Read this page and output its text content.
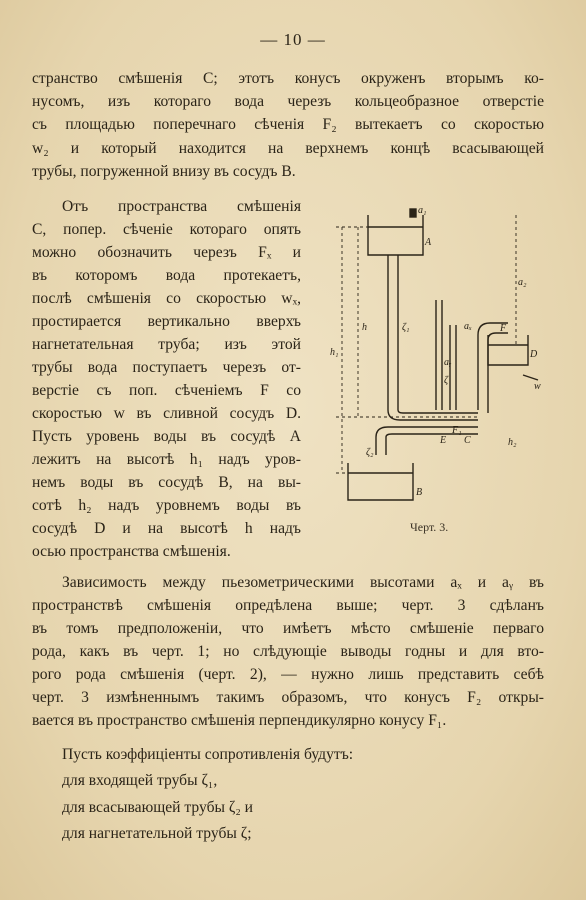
— 10 —
странство смѣшенія C; этотъ конусъ окруженъ вторымъ ко-
нусомъ, изъ котораго вода черезъ кольцеобразное отверстіе
съ площадью поперечнаго сѣченія F₂ вытекаетъ со скоростью
w₂ и который находится на верхнемъ концѣ всасывающей
трубы, погруженной внизу въ сосудъ B.
Отъ пространства смѣшенія
C, попер. сѣченіе котораго опять
можно обозначить черезъ Fₓ и
въ которомъ вода протекаетъ,
послѣ смѣшенія со скоростью wₓ,
простирается вертикально вверхъ
нагнетательная труба; изъ этой
трубы вода поступаетъ черезъ от-
верстіе съ поп. сѣченіемъ F со
скоростью w въ сливной сосудъ D.
Пусть уровень воды въ сосудѣ A
лежитъ на высотѣ h₁ надъ уров-
немъ воды въ сосудѣ B, на вы-
сотѣ h₂ надъ уровнемъ воды въ
сосудѣ D и на высотѣ h надъ
осью пространства смѣшенія.
a₁
A
a₂
h₁
h	ζ₁
ζ
aₓ
aᵧ
F
D
w
h₂
F₁
E C
ζ₂
B
Черт. 3.
Зависимость между пьезометрическими высотами aₓ и aᵧ въ
пространствѣ смѣшенія опредѣлена выше; черт. 3 сдѣланъ
въ томъ предположеніи, что имѣетъ мѣсто смѣшеніе перваго
рода, какъ въ черт. 1; но слѣдующіе выводы годны и для вто-
рого рода смѣшенія (черт. 2), — нужно лишь представить себѣ
черт. 3 измѣненнымъ такимъ образомъ, что конусъ F₂ откры-
вается въ пространство смѣшенія перпендикулярно конусу F₁.
Пусть коэффиціенты сопротивленія будутъ:
для входящей трубы ζ₁,
для всасывающей трубы ζ₂ и
для нагнетательной трубы ζ;
